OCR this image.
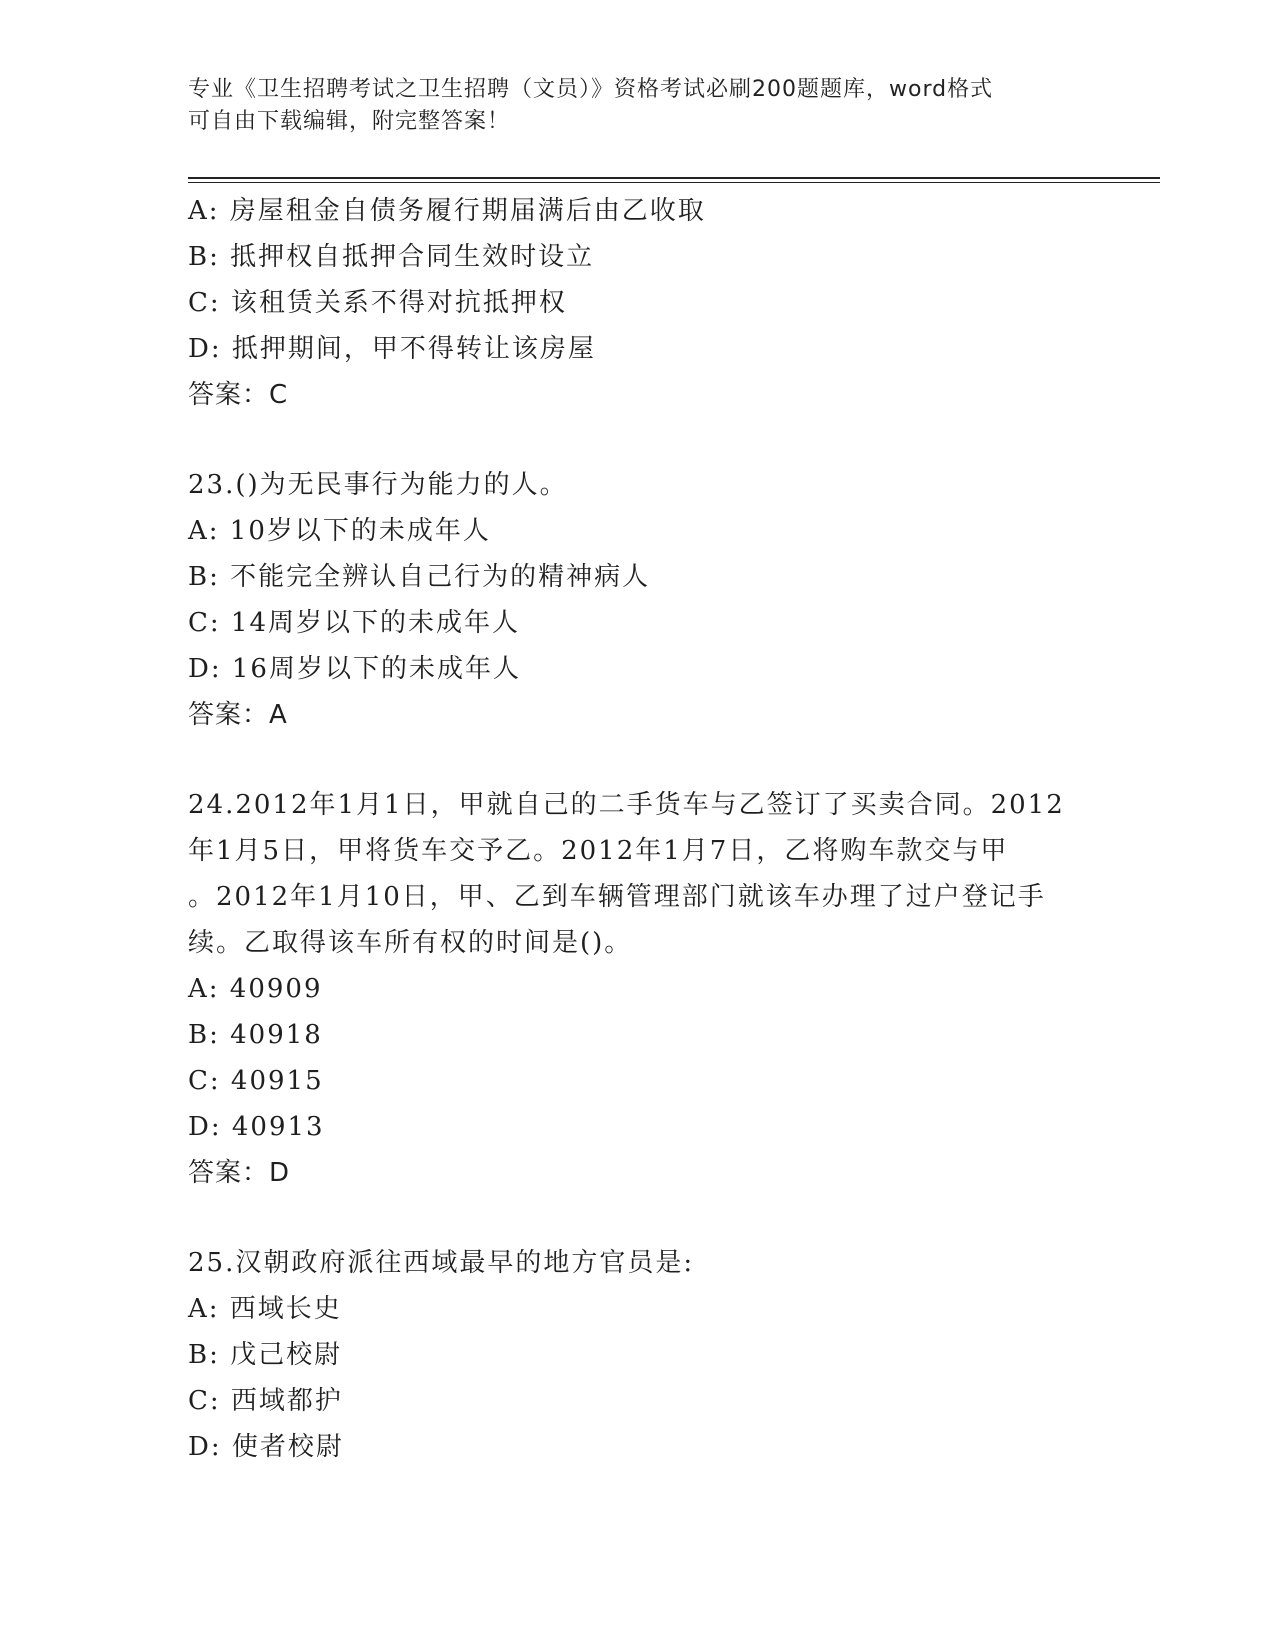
专业《卫生招聘考试之卫生招聘（文员）》资格考试必刷200题题库，word格式
可自由下载编辑，附完整答案！
A: 房屋租金自债务履行期届满后由乙收取
B: 抵押权自抵押合同生效时设立
C: 该租赁关系不得对抗抵押权
D: 抵押期间，甲不得转让该房屋
答案：C
23.()为无民事行为能力的人。
A: 10岁以下的未成年人
B: 不能完全辨认自己行为的精神病人
C: 14周岁以下的未成年人
D: 16周岁以下的未成年人
答案：A
24.2012年1月1日，甲就自己的二手货车与乙签订了买卖合同。2012
年1月5日，甲将货车交予乙。2012年1月7日，乙将购车款交与甲
。2012年1月10日，甲、乙到车辆管理部门就该车办理了过户登记手
续。乙取得该车所有权的时间是()。
A: 40909
B: 40918
C: 40915
D: 40913
答案：D
25.汉朝政府派往西域最早的地方官员是:
A: 西域长史
B: 戊己校尉
C: 西域都护
D: 使者校尉
